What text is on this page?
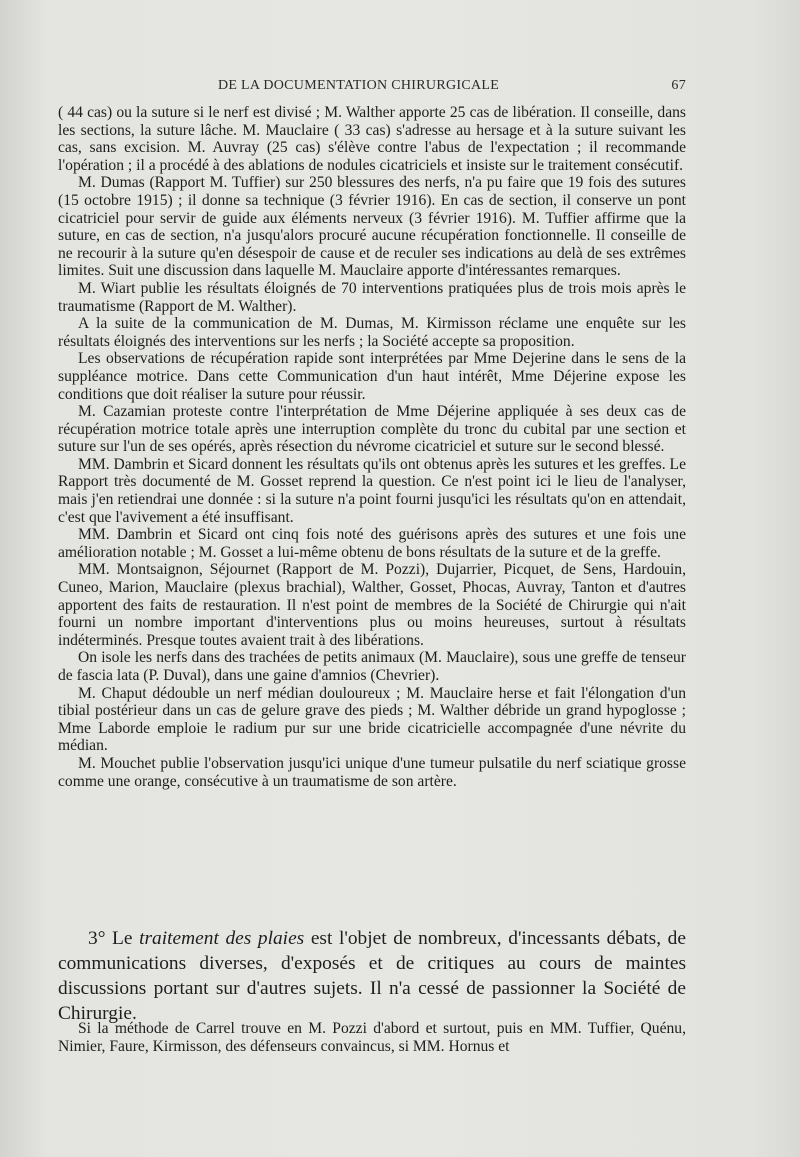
DE LA DOCUMENTATION CHIRURGICALE	67

( 44 cas) ou la suture si le nerf est divisé ; M. Walther apporte 25 cas de libération. Il conseille, dans les sections, la suture lâche. M. Mauclaire ( 33 cas) s'adresse au hersage et à la suture suivant les cas, sans excision. M. Auvray (25 cas) s'élève contre l'abus de l'expectation ; il recommande l'opération ; il a procédé à des ablations de nodules cicatriciels et insiste sur le traitement consécutif.

M. Dumas (Rapport M. Tuffier) sur 250 blessures des nerfs, n'a pu faire que 19 fois des sutures (15 octobre 1915) ; il donne sa technique (3 février 1916). En cas de section, il conserve un pont cicatriciel pour servir de guide aux éléments nerveux (3 février 1916). M. Tuffier affirme que la suture, en cas de section, n'a jusqu'alors procuré aucune récupération fonctionnelle. Il conseille de ne recourir à la suture qu'en désespoir de cause et de reculer ses indications au delà de ses extrêmes limites. Suit une discussion dans laquelle M. Mauclaire apporte d'intéressantes remarques.

M. Wiart publie les résultats éloignés de 70 interventions pratiquées plus de trois mois après le traumatisme (Rapport de M. Walther).

A la suite de la communication de M. Dumas, M. Kirmisson réclame une enquête sur les résultats éloignés des interventions sur les nerfs ; la Société accepte sa proposition.

Les observations de récupération rapide sont interprétées par Mme Dejerine dans le sens de la suppléance motrice. Dans cette Communication d'un haut intérêt, Mme Déjerine expose les conditions que doit réaliser la suture pour réussir.

M. Cazamian proteste contre l'interprétation de Mme Déjerine appliquée à ses deux cas de récupération motrice totale après une interruption complète du tronc du cubital par une section et suture sur l'un de ses opérés, après résection du névrome cicatriciel et suture sur le second blessé.

MM. Dambrin et Sicard donnent les résultats qu'ils ont obtenus après les sutures et les greffes. Le Rapport très documenté de M. Gosset reprend la question. Ce n'est point ici le lieu de l'analyser, mais j'en retiendrai une donnée : si la suture n'a point fourni jusqu'ici les résultats qu'on en attendait, c'est que l'avivement a été insuffisant.

MM. Dambrin et Sicard ont cinq fois noté des guérisons après des sutures et une fois une amélioration notable ; M. Gosset a lui-même obtenu de bons résultats de la suture et de la greffe.

MM. Montsaignon, Séjournet (Rapport de M. Pozzi), Dujarrier, Picquet, de Sens, Hardouin, Cuneo, Marion, Mauclaire (plexus brachial), Walther, Gosset, Phocas, Auvray, Tanton et d'autres apportent des faits de restauration. Il n'est point de membres de la Société de Chirurgie qui n'ait fourni un nombre important d'interventions plus ou moins heureuses, surtout à résultats indéterminés. Presque toutes avaient trait à des libérations.

On isole les nerfs dans des trachées de petits animaux (M. Mauclaire), sous une greffe de tenseur de fascia lata (P. Duval), dans une gaine d'amnios (Chevrier).

M. Chaput dédouble un nerf médian douloureux ; M. Mauclaire herse et fait l'élongation d'un tibial postérieur dans un cas de gelure grave des pieds ; M. Walther débride un grand hypoglosse ; Mme Laborde emploie le radium pur sur une bride cicatricielle accompagnée d'une névrite du médian.

M. Mouchet publie l'observation jusqu'ici unique d'une tumeur pulsatile du nerf sciatique grosse comme une orange, consécutive à un traumatisme de son artère.

3° Le traitement des plaies est l'objet de nombreux, d'incessants débats, de communications diverses, d'exposés et de critiques au cours de maintes discussions portant sur d'autres sujets. Il n'a cessé de passionner la Société de Chirurgie.
Si la méthode de Carrel trouve en M. Pozzi d'abord et surtout, puis en MM. Tuffier, Quénu, Nimier, Faure, Kirmisson, des défenseurs convaincus, si MM. Hornus et
